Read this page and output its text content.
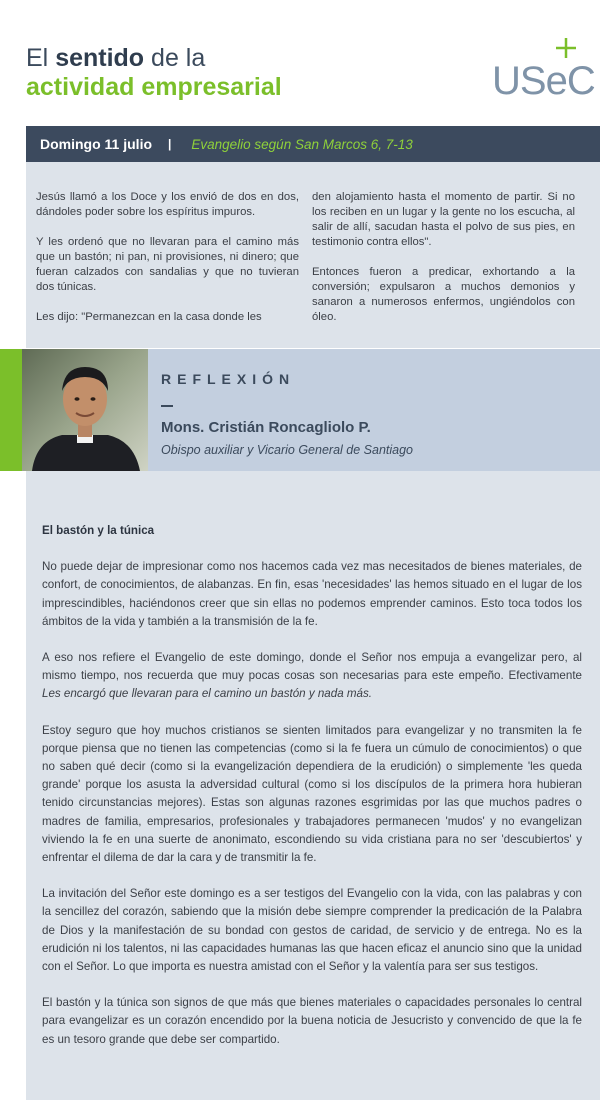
El sentido de la
actividad empresarial	USeC
Domingo 11 julio | Evangelio según San Marcos 6, 7-13

Jesús llamó a los Doce y los envió de dos en dos, dándoles poder sobre los espíritus impuros.

Y les ordenó que no llevaran para el camino más que un bastón; ni pan, ni provisiones, ni dinero; que fueran calzados con sandalias y que no tuvieran dos túnicas.

Les dijo: "Permanezcan en la casa donde les

den alojamiento hasta el momento de partir. Si no los reciben en un lugar y la gente no los escucha, al salir de allí, sacudan hasta el polvo de sus pies, en testimonio contra ellos".

Entonces fueron a predicar, exhortando a la conversión; expulsaron a muchos demonios y sanaron a numerosos enfermos, ungiéndolos con óleo.

REFLEXIÓN
Mons. Cristián Roncagliolo P.
Obispo auxiliar y Vicario General de Santiago
El bastón y la túnica

No puede dejar de impresionar como nos hacemos cada vez mas necesitados de bienes materiales, de confort, de conocimientos, de alabanzas. En fin, esas 'necesidades' las hemos situado en el lugar de los imprescindibles, haciéndonos creer que sin ellas no podemos emprender caminos. Esto toca todos los ámbitos de la vida y también a la transmisión de la fe.

A eso nos refiere el Evangelio de este domingo, donde el Señor nos empuja a evangelizar pero, al mismo tiempo, nos recuerda que muy pocas cosas son necesarias para este empeño. Efectivamente Les encargó que llevaran para el camino un bastón y nada más.

Estoy seguro que hoy muchos cristianos se sienten limitados para evangelizar y no transmiten la fe porque piensa que no tienen las competencias (como si la fe fuera un cúmulo de conocimientos) o que no saben qué decir (como si la evangelización dependiera de la erudición) o simplemente 'les queda grande' porque los asusta la adversidad cultural (como si los discípulos de la primera hora hubieran tenido circunstancias mejores). Estas son algunas razones esgrimidas por las que muchos padres o madres de familia, empresarios, profesionales y trabajadores permanecen 'mudos' y no evangelizan viviendo la fe en una suerte de anonimato, escondiendo su vida cristiana para no ser 'descubiertos' y enfrentar el dilema de dar la cara y de transmitir la fe.

La invitación del Señor este domingo es a ser testigos del Evangelio con la vida, con las palabras y con la sencillez del corazón, sabiendo que la misión debe siempre comprender la predicación de la Palabra de Dios y la manifestación de su bondad con gestos de caridad, de servicio y de entrega. No es la erudición ni los talentos, ni las capacidades humanas las que hacen eficaz el anuncio sino que la unidad con el Señor. Lo que importa es nuestra amistad con el Señor y la valentía para ser sus testigos.

El bastón y la túnica son signos de que más que bienes materiales o capacidades personales lo central para evangelizar es un corazón encendido por la buena noticia de Jesucristo y convencido de que la fe es un tesoro grande que debe ser compartido.
